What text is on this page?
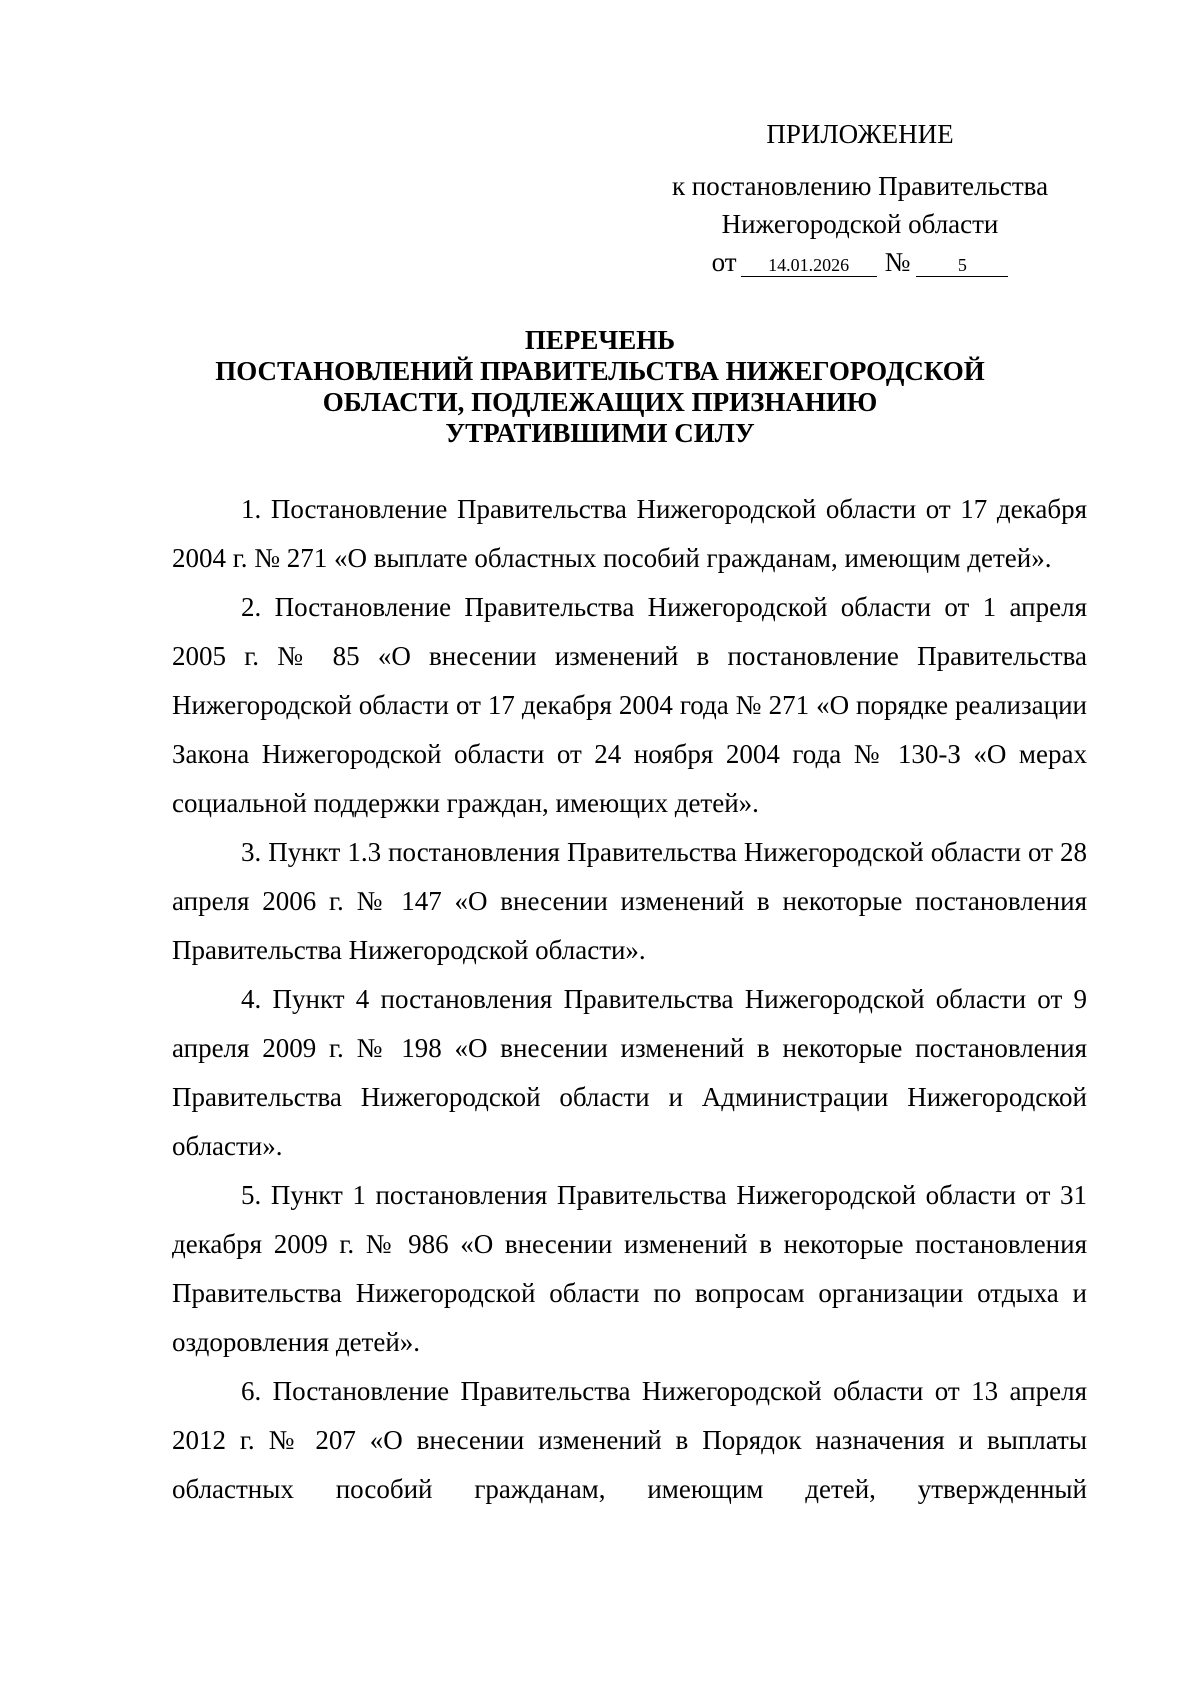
ПРИЛОЖЕНИЕ
к постановлению Правительства
Нижегородской области
от 14.01.2026 №	5
ПЕРЕЧЕНЬ
ПОСТАНОВЛЕНИЙ ПРАВИТЕЛЬСТВА НИЖЕГОРОДСКОЙ
ОБЛАСТИ, ПОДЛЕЖАЩИХ ПРИЗНАНИЮ
УТРАТИВШИМИ СИЛУ

1. Постановление Правительства Нижегородской области от 17 декабря 2004 г. № 271 «О выплате областных пособий гражданам, имеющим детей».

2. Постановление Правительства Нижегородской области от 1 апреля 2005 г. № 85 «О внесении изменений в постановление Правительства Нижегородской области от 17 декабря 2004 года № 271 «О порядке реализации Закона Нижегородской области от 24 ноября 2004 года № 130-З «О мерах социальной поддержки граждан, имеющих детей».

3. Пункт 1.3 постановления Правительства Нижегородской области от 28 апреля 2006 г. № 147 «О внесении изменений в некоторые постановления Правительства Нижегородской области».

4. Пункт 4 постановления Правительства Нижегородской области от 9 апреля 2009 г. № 198 «О внесении изменений в некоторые постановления Правительства Нижегородской области и Администрации Нижегородской области».

5. Пункт 1 постановления Правительства Нижегородской области от 31 декабря 2009 г. № 986 «О внесении изменений в некоторые постановления Правительства Нижегородской области по вопросам организации отдыха и оздоровления детей».

6. Постановление Правительства Нижегородской области от 13 апреля 2012 г. № 207 «О внесении изменений в Порядок назначения и выплаты областных пособий гражданам, имеющим детей, утвержденный
